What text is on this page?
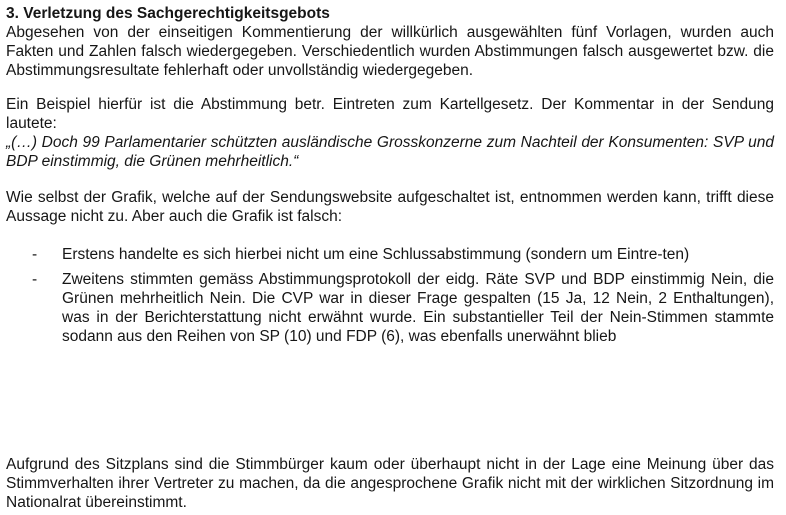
3. Verletzung des Sachgerechtigkeitsgebots

Abgesehen von der einseitigen Kommentierung der willkürlich ausgewählten fünf Vorlagen, wurden auch Fakten und Zahlen falsch wiedergegeben. Verschiedentlich wurden Abstimmungen falsch ausgewertet bzw. die Abstimmungsresultate fehlerhaft oder unvollständig wiedergegeben.

Ein Beispiel hierfür ist die Abstimmung betr. Eintreten zum Kartellgesetz. Der Kommentar in der Sendung lautete:

„(…) Doch 99 Parlamentarier schützten ausländische Grosskonzerne zum Nachteil der Konsumenten: SVP und BDP einstimmig, die Grünen mehrheitlich.“

Wie selbst der Grafik, welche auf der Sendungswebsite aufgeschaltet ist, entnommen werden kann, trifft diese Aussage nicht zu. Aber auch die Grafik ist falsch:

- Erstens handelte es sich hierbei nicht um eine Schlussabstimmung (sondern um Eintre-ten)
- Zweitens stimmten gemäss Abstimmungsprotokoll der eidg. Räte SVP und BDP einstimmig Nein, die Grünen mehrheitlich Nein. Die CVP war in dieser Frage gespalten (15 Ja, 12 Nein, 2 Enthaltungen), was in der Berichterstattung nicht erwähnt wurde. Ein substantieller Teil der Nein-Stimmen stammte sodann aus den Reihen von SP (10) und FDP (6), was ebenfalls unerwähnt blieb

Aufgrund des Sitzplans sind die Stimmbürger kaum oder überhaupt nicht in der Lage eine Meinung über das Stimmverhalten ihrer Vertreter zu machen, da die angesprochene Grafik nicht mit der wirklichen Sitzordnung im Nationalrat übereinstimmt.
